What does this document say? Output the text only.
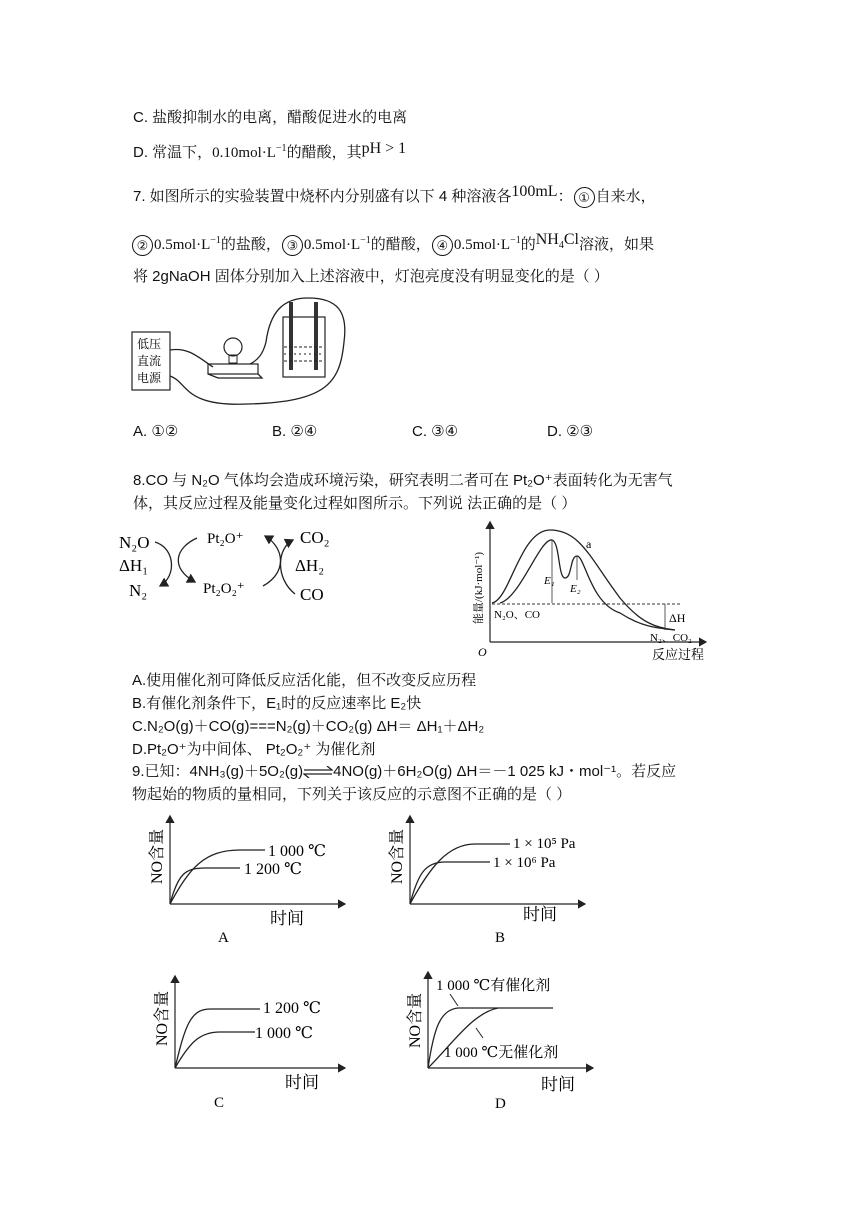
C. 盐酸抑制水的电离，醋酸促进水的电离
D. 常温下，$0.10mol\cdot L^{-1}$的醋酸，其pH > 1
7. 如图所示的实验装置中烧杯内分别盛有以下 4 种溶液各100mL： ① 自来水，
② $0.5mol\cdot L^{-1}$的盐酸， ③ $0.5mol\cdot L^{-1}$的醋酸， ④ $0.5mol\cdot L^{-1}$的$NH_4Cl$溶液，如果
将 2gNaOH 固体分别加入上述溶液中，灯泡亮度没有明显变化的是（ ）
低压
直流
电源
A. ①②	B. ②④	C. ③④	D. ②③
8.CO 与 N₂O 气体均会造成环境污染，研究表明二者可在 Pt₂O⁺表面转化为无害气
体，其反应过程及能量变化过程如图所示。下列说 法正确的是（ ）
N₂O
ΔH₁
N₂
Pt₂O⁺
Pt₂O₂⁺
CO₂
ΔH₂
CO	能量/(kJ·mol⁻¹)
O	反应过程
a
E₁
E₂
ΔH
N₂O、CO
N₂、CO₂
A.使用催化剂可降低反应活化能，但不改变反应历程
B.有催化剂条件下，E₁时的反应速率比 E₂快
C.N₂O(g)＋CO(g)===N₂(g)＋CO₂(g) ΔH＝ ΔH₁＋ΔH₂
D.Pt₂O⁺为中间体、 Pt₂O₂⁺ 为催化剂
9.已知：4NH₃(g)＋5O₂(g)⇌4NO(g)＋6H₂O(g) ΔH＝－1 025 kJ・mol⁻¹。若反应
物起始的物质的量相同，下列关于该反应的示意图不正确的是（ ）
NO含量	1 000 ℃
1 200 ℃
时间
A
NO含量	1 × 10⁵ Pa
1 × 10⁶ Pa
时间
B
NO含量	1 200 ℃
1 000 ℃
时间
C
NO含量
1 000 ℃有催化剂
1 000 ℃无催化剂
时间
D
